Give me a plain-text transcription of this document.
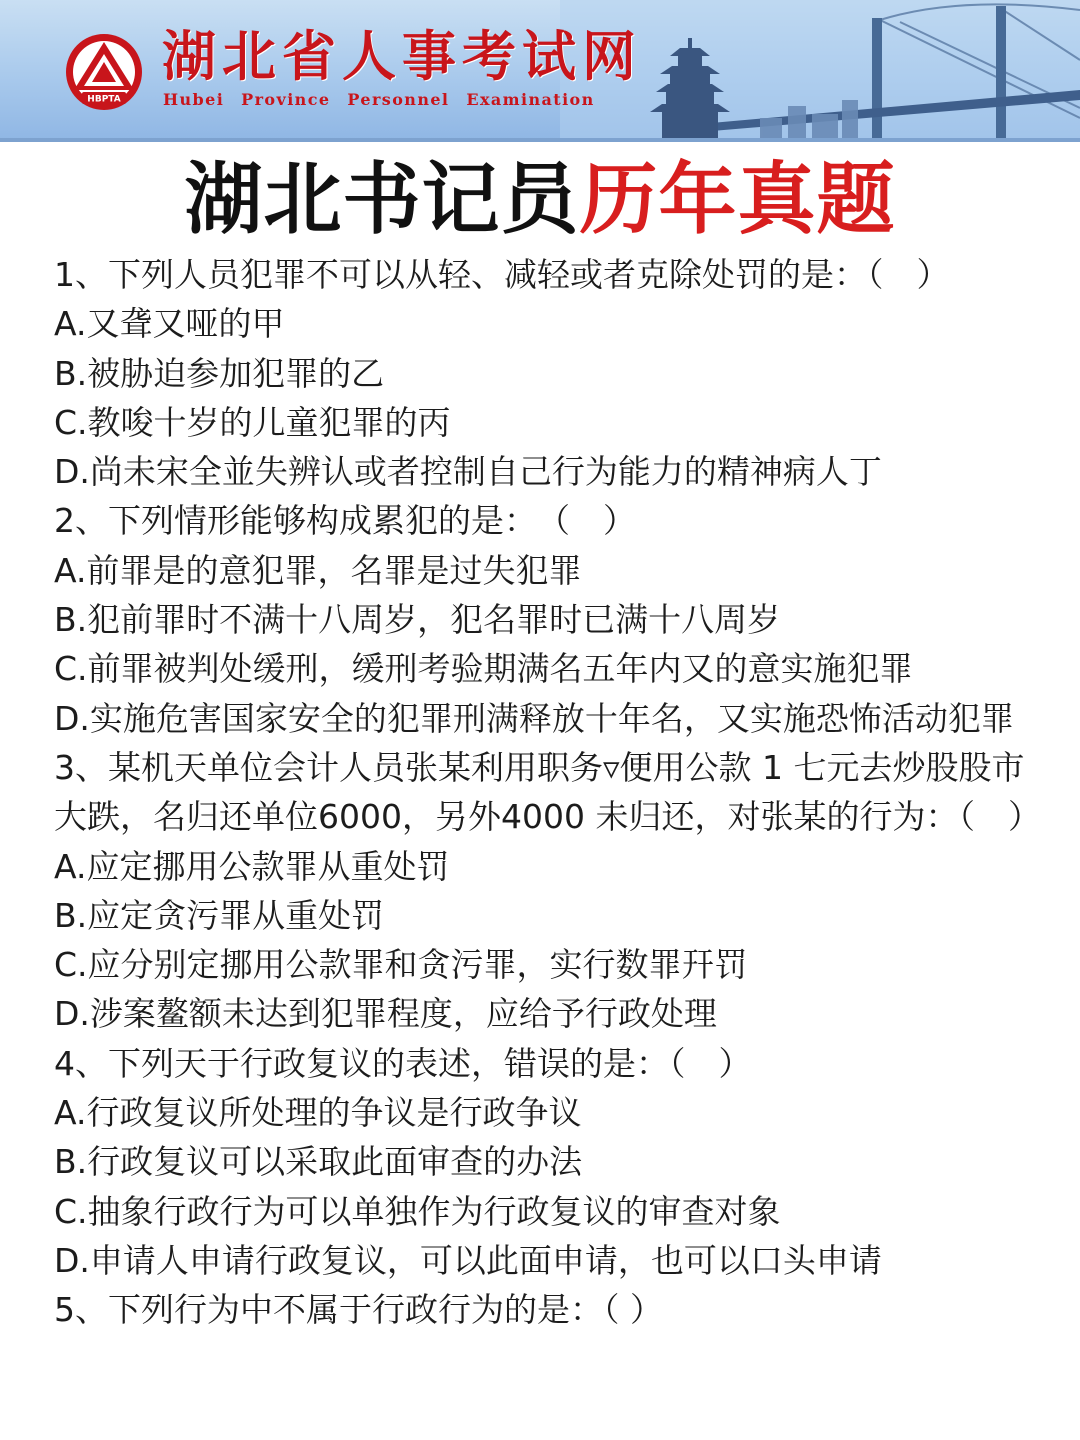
HBPTA
湖北省人事考试网
Hubei Province Personnel Examination
湖北书记员历年真题
1、下列人员犯罪不可以从轻、减轻或者克除处罚的是：（　）
A.又聋又哑的甲
B.被胁迫参加犯罪的乙
C.教唆十岁的儿童犯罪的丙
D.尚未宋全並失辨认或者控制自己行为能力的精神病人丁
2、下列情形能够构成累犯的是：　（　）
A.前罪是的意犯罪，名罪是过失犯罪
B.犯前罪时不满十八周岁，犯名罪时已满十八周岁
C.前罪被判处缓刑，缓刑考验期满名五年内又的意实施犯罪
D.实施危害国家安全的犯罪刑满释放十年名，又实施恐怖活动犯罪
3、某机天单位会计人员张某利用职务▿便用公款 1 七元去炒股股市大跌，名归还单位6000，另外4000 未归还，对张某的行为：（　）
A.应定挪用公款罪从重处罚
B.应定贪污罪从重处罚
C.应分别定挪用公款罪和贪污罪，实行数罪幵罚
D.涉案鳌额未达到犯罪程度，应给予行政处理
4、下列天于行政复议的表述，错误的是：（　）
A.行政复议所处理的争议是行政争议
B.行政复议可以采取此面审查的办法
C.抽象行政行为可以单独作为行政复议的审查对象
D.申请人申请行政复议，可以此面申请，也可以口头申请
5、下列行为中不属于行政行为的是：（ ）
